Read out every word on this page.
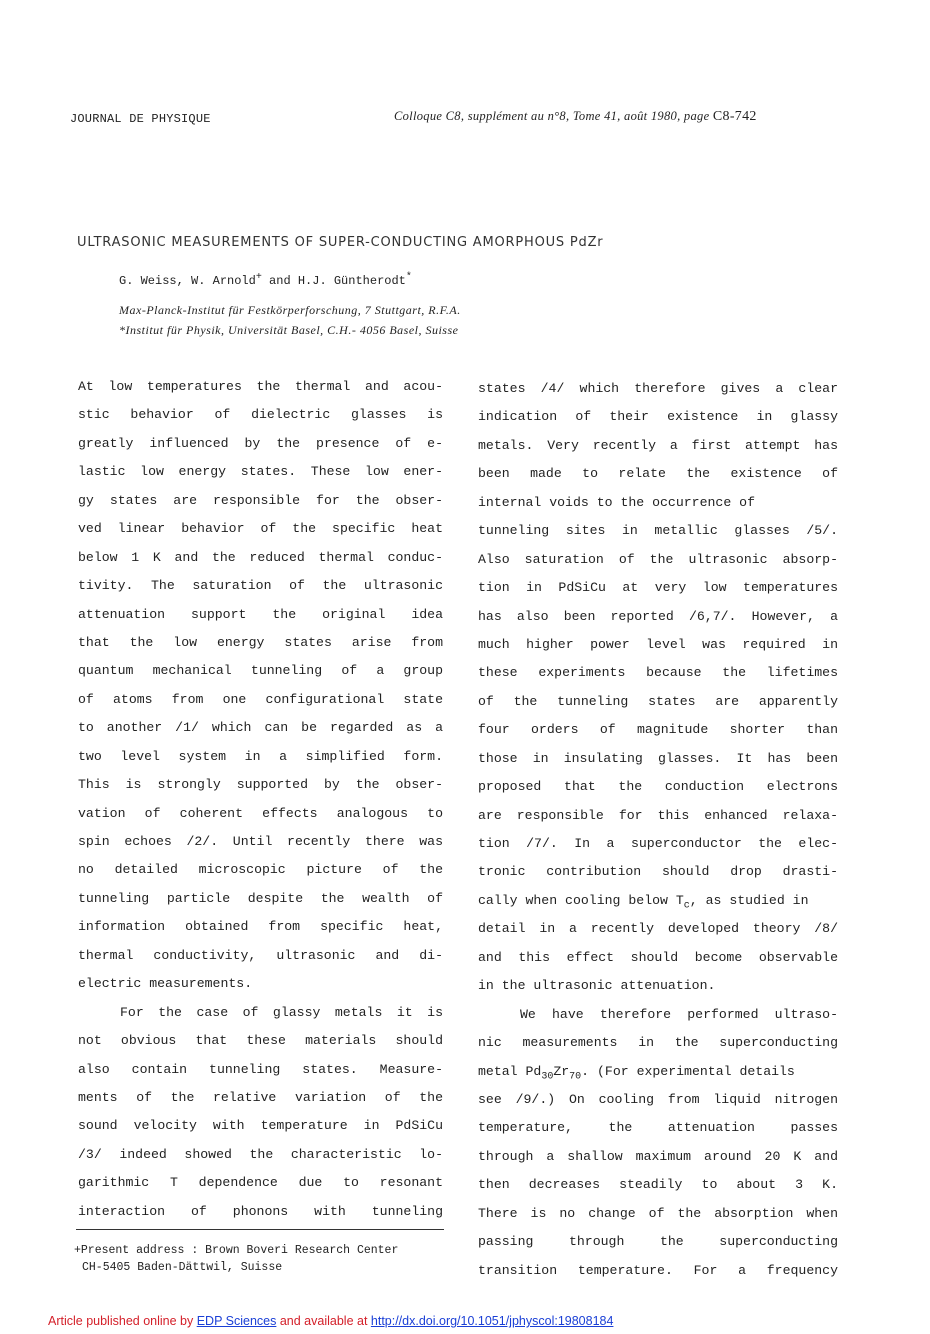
JOURNAL DE PHYSIQUE	Colloque C8, supplément au n°8, Tome 41, août 1980, page C8-742
ULTRASONIC MEASUREMENTS OF SUPER-CONDUCTING AMORPHOUS PdZr
G. Weiss, W. Arnold+ and H.J. Güntherodt*
Max-Planck-Institut für Festkörperforschung, 7 Stuttgart, R.F.A.
*Institut für Physik, Universität Basel, C.H.- 4056 Basel, Suisse
At low temperatures the thermal and acou-
stic behavior of dielectric glasses is
greatly influenced by the presence of e-
lastic low energy states. These low ener-
gy states are responsible for the obser-
ved linear behavior of the specific heat
below 1 K and the reduced thermal conduc-
tivity. The saturation of the ultrasonic
attenuation support the original idea
that the low energy states arise from
quantum mechanical tunneling of a group
of atoms from one configurational state
to another /1/ which can be regarded as a
two level system in a simplified form.
This is strongly supported by the obser-
vation of coherent effects analogous to
spin echoes /2/. Until recently there was
no detailed microscopic picture of the
tunneling particle despite the wealth of
information obtained from specific heat,
thermal conductivity, ultrasonic and di-
electric measurements.
For the case of glassy metals it is
not obvious that these materials should
also contain tunneling states. Measure-
ments of the relative variation of the
sound velocity with temperature in PdSiCu
/3/ indeed showed the characteristic lo-
garithmic T dependence due to resonant
interaction of phonons with tunneling
+Present address : Brown Boveri Research Center
CH-5405 Baden-Dättwil, Suisse
states /4/ which therefore gives a clear
indication of their existence in glassy
metals. Very recently a first attempt has
been made to relate the existence of
internal voids to the occurrence of
tunneling sites in metallic glasses /5/.
Also saturation of the ultrasonic absorp-
tion in PdSiCu at very low temperatures
has also been reported /6,7/. However, a
much higher power level was required in
these experiments because the lifetimes
of the tunneling states are apparently
four orders of magnitude shorter than
those in insulating glasses. It has been
proposed that the conduction electrons
are responsible for this enhanced relaxa-
tion /7/. In a superconductor the elec-
tronic contribution should drop drasti-
cally when cooling below $T_c$, as studied in
detail in a recently developed theory /8/
and this effect should become observable
in the ultrasonic attenuation.
We have therefore performed ultraso-
nic measurements in the superconducting
metal $Pd_{30}Zr_{70}$. (For experimental details
see /9/.) On cooling from liquid nitrogen
temperature, the attenuation passes
through a shallow maximum around 20 K and
then decreases steadily to about 3 K.
There is no change of the absorption when
passing through the superconducting
transition temperature. For a frequency
Article published online by EDP Sciences and available at http://dx.doi.org/10.1051/jphyscol:19808184
